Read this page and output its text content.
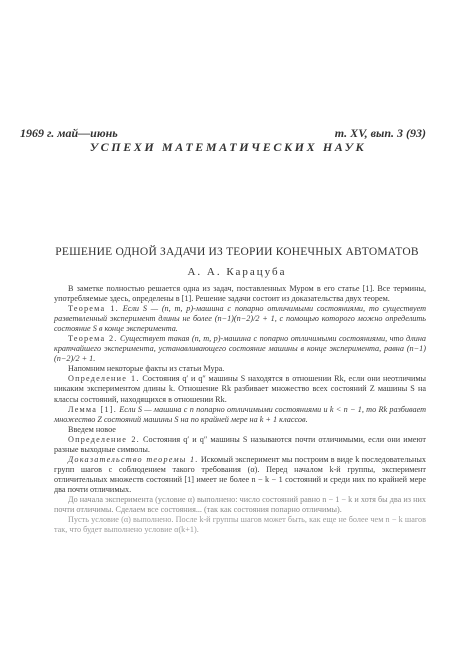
1969 г. май—июнь	т. XV, вып. 3 (93)
УСПЕХИ МАТЕМАТИЧЕСКИХ НАУК
РЕШЕНИЕ ОДНОЙ ЗАДАЧИ ИЗ ТЕОРИИ КОНЕЧНЫХ АВТОМАТОВ
А. А. Карацуба

В заметке полностью решается одна из задач, поставленных Муром в его статье [1]. Все термины, употребляемые здесь, определены в [1]. Решение задачи состоит из доказательства двух теорем.

Теорема 1. Если S — (n, m, p)-машина с попарно отличимыми состояниями, то существует разветвленный эксперимент длины не более (n−1)(n−2)/2 + 1, с помощью которого можно определить состояние S в конце эксперимента.

Теорема 2. Существует такая (n, m, p)-машина с попарно отличимыми состояниями, что длина кратчайшего эксперимента, устанавливающего состояние машины в конце эксперимента, равна (n−1)(n−2)/2 + 1.

Напомним некоторые факты из статьи Мура.

Определение 1. Состояния q′ и q″ машины S находятся в отношении Rk, если они неотличимы никаким экспериментом длины k. Отношение Rk разбивает множество всех состояний Z машины S на классы состояний, находящихся в отношении Rk.

Лемма [1]. Если S — машина с n попарно отличимыми состояниями и k < n − 1, то Rk разбивает множество Z состояний машины S на по крайней мере на k + 1 классов.

Введем новое

Определение 2. Состояния q′ и q″ машины S называются почти отличимыми, если они имеют разные выходные символы.

Доказательство теоремы 1. Искомый эксперимент мы построим в виде k последовательных групп шагов с соблюдением такого требования (α). Перед началом k-й группы, эксперимент отличительных множеств состояний [1] имеет не более n − k − 1 состояний и среди них по крайней мере два почти отличимых.

До начала эксперимента (условие α) выполнено: число состояний равно n − 1 − k и хотя бы два из них почти отличимы. Сделаем все состояния... (так как состояния попарно отличимы).

Пусть условие (α) выполнено. После k-й группы шагов может быть, как еще не более чем n − k шагов так, что будет выполнено условие α(k+1).
